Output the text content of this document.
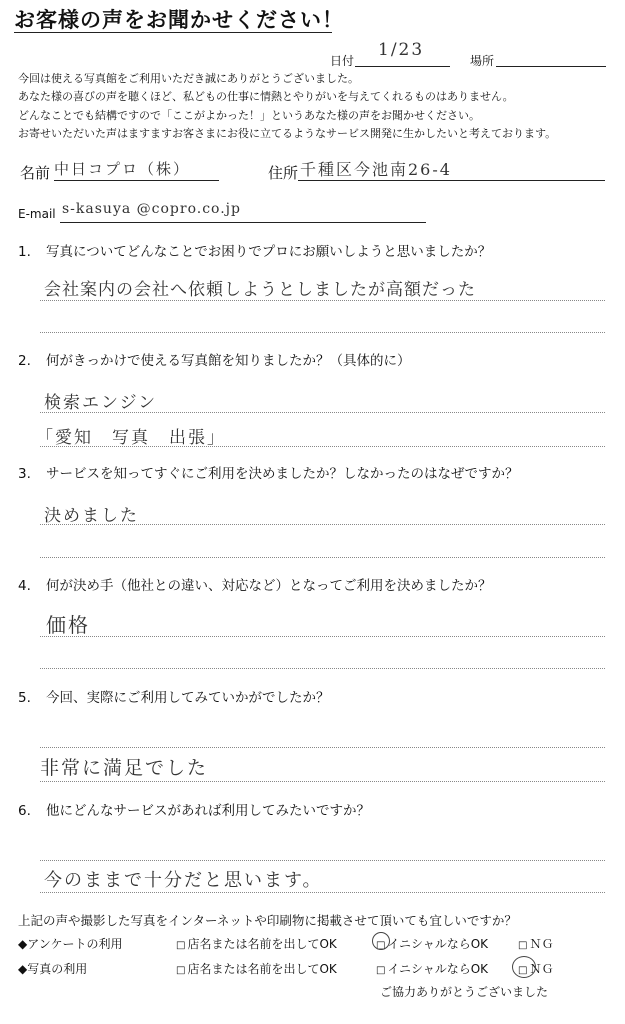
お客様の声をお聞かせください！
日付
1/23
場所
今回は使える写真館をご利用いただき誠にありがとうございました。
あなた様の喜びの声を聴くほど、私どもの仕事に情熱とやりがいを与えてくれるものはありません。
どんなことでも結構ですので「ここがよかった！」というあなた様の声をお聞かせください。
お寄せいただいた声はますますお客さまにお役に立てるようなサービス開発に生かしたいと考えております。
名前 中日コプロ（株）	住所 千種区今池南26-4
E-mail s-kasuya @copro.co.jp
1. 写真についてどんなことでお困りでプロにお願いしようと思いましたか？
会社案内の会社へ依頼しようとしましたが高額だった
2. 何がきっかけで使える写真館を知りましたか？（具体的に）
検索エンジン
「愛知　写真　出張」
3. サービスを知ってすぐにご利用を決めましたか？しなかったのはなぜですか？
決めました
4. 何が決め手（他社との違い、対応など）となってご利用を決めましたか？
価格
5. 今回、実際にご利用してみていかがでしたか？
非常に満足でした
6. 他にどんなサービスがあれば利用してみたいですか？
今のままで十分だと思います。
上記の声や撮影した写真をインターネットや印刷物に掲載させて頂いても宜しいですか？
◆アンケートの利用	□ 店名または名前を出してOK	□ イニシャルならOK	□ ＮＧ
◆写真の利用	□ 店名または名前を出してOK	□ イニシャルならOK	□ ＮＧ
ご協力ありがとうございました
